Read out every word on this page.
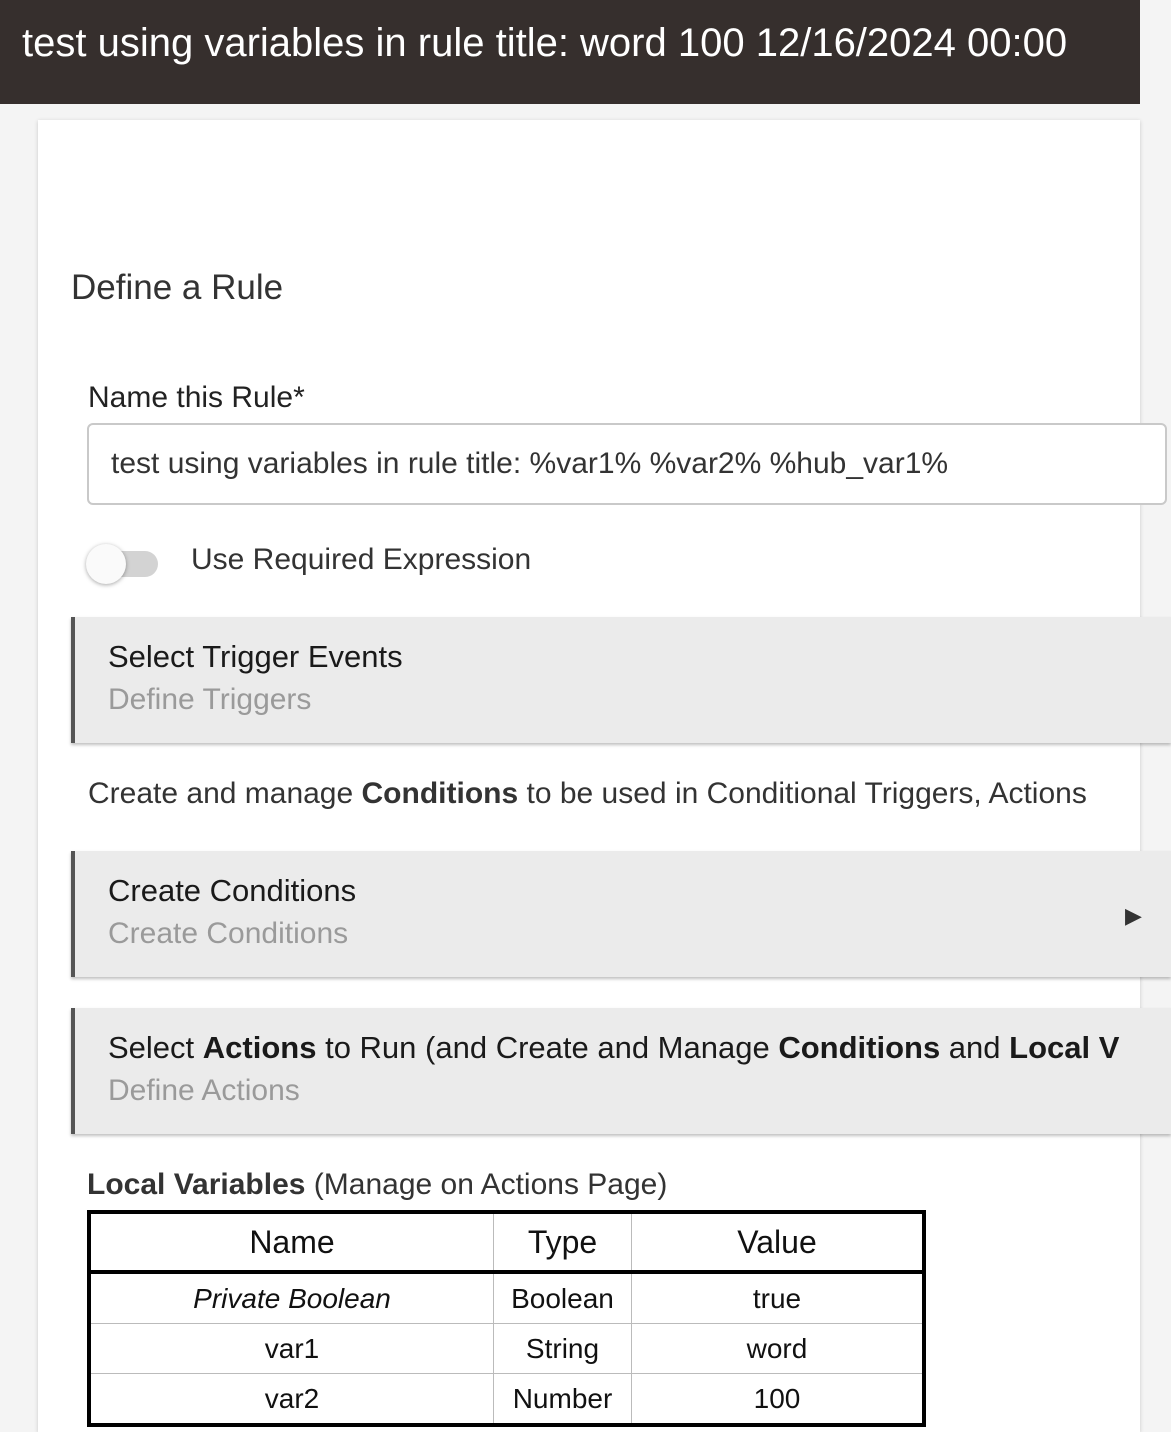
test using variables in rule title: word 100 12/16/2024 00:00
Define a Rule
Name this Rule*
test using variables in rule title: %var1% %var2% %hub_var1%
Use Required Expression
Select Trigger Events
Define Triggers
Create and manage Conditions to be used in Conditional Triggers, Actions
Create Conditions
Create Conditions
▶
Select Actions to Run (and Create and Manage Conditions and Local V
Define Actions
Local Variables (Manage on Actions Page)
Name	Type	Value
Private Boolean	Boolean	true
var1	String	word
var2	Number	100
